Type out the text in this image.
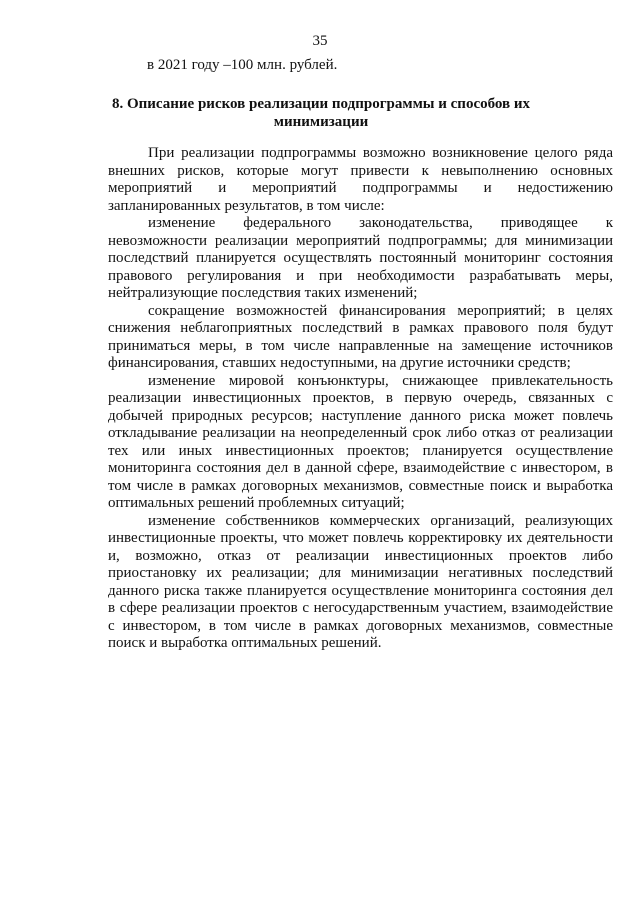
35

в 2021 году –100 млн. рублей.

8. Описание рисков реализации подпрограммы и способов их минимизации

При реализации подпрограммы возможно возникновение целого ряда внешних рисков, которые могут привести к невыполнению основных мероприятий и мероприятий подпрограммы и недостижению запланированных результатов, в том числе:

изменение федерального законодательства, приводящее к невозможности реализации мероприятий подпрограммы; для минимизации последствий планируется осуществлять постоянный мониторинг состояния правового регулирования и при необходимости разрабатывать меры, нейтрализующие последствия таких изменений;

сокращение возможностей финансирования мероприятий; в целях снижения неблагоприятных последствий в рамках правового поля будут приниматься меры, в том числе направленные на замещение источников финансирования, ставших недоступными, на другие источники средств;

изменение мировой конъюнктуры, снижающее привлекательность реализации инвестиционных проектов, в первую очередь, связанных с добычей природных ресурсов; наступление данного риска может повлечь откладывание реализации на неопределенный срок либо отказ от реализации тех или иных инвестиционных проектов; планируется осуществление мониторинга состояния дел в данной сфере, взаимодействие с инвестором, в том числе в рамках договорных механизмов, совместные поиск и выработка оптимальных решений проблемных ситуаций;

изменение собственников коммерческих организаций, реализующих инвестиционные проекты, что может повлечь корректировку их деятельности и, возможно, отказ от реализации инвестиционных проектов либо приостановку их реализации; для минимизации негативных последствий данного риска также планируется осуществление мониторинга состояния дел в сфере реализации проектов с негосударственным участием, взаимодействие с инвестором, в том числе в рамках договорных механизмов, совместные поиск и выработка оптимальных решений.
